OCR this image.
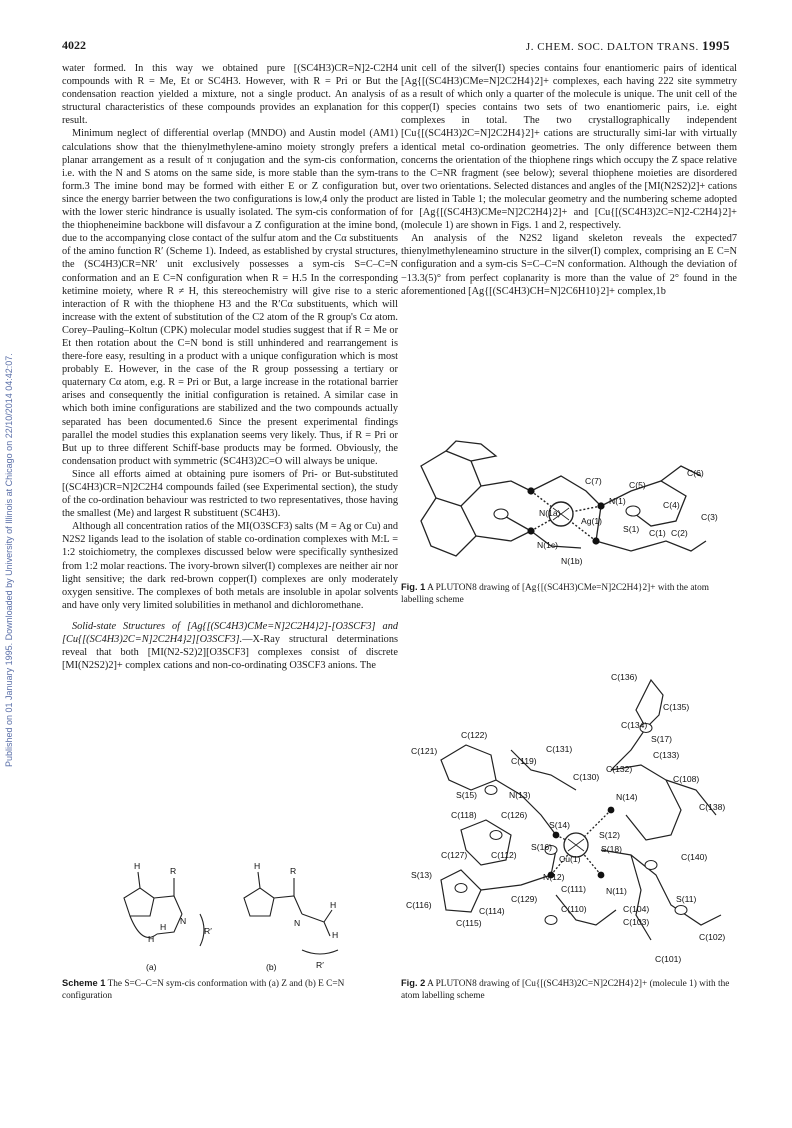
Published on 01 January 1995. Downloaded by University of Illinois at Chicago on 22/10/2014 04:42:07.
4022	J. CHEM. SOC. DALTON TRANS. 1995

water formed. In this way we obtained pure [(SC4H3)CR=N]2-C2H4 compounds with R = Me, Et or SC4H3. However, with R = Pri or But the condensation reaction yielded a mixture, not a single product. An analysis of structural characteristics of these compounds provides an explanation for this result.

Minimum neglect of differential overlap (MNDO) and Austin model (AM1) calculations show that the thienylmethylene-amino moiety strongly prefers a planar arrangement as a result of π conjugation and the sym-cis conformation, i.e. with the N and S atoms on the same side, is more stable than the sym-trans form.3 The imine bond may be formed with either E or Z configuration but, since the energy barrier between the two configurations is low,4 only the product with the lower steric hindrance is usually isolated. The sym-cis conformation of the thiopheneimine backbone will disfavour a Z configuration at the imine bond, due to the accompanying close contact of the sulfur atom and the Cα substituents of the amino function R′ (Scheme 1). Indeed, as established by crystal structures, the (SC4H3)CR=NR′ unit exclusively possesses a sym-cis S=C–C=N conformation and an E C=N configuration when R = H.5 In the corresponding ketimine moiety, where R ≠ H, this stereochemistry will give rise to a steric interaction of R with the thiophene H3 and the R′Cα substituents, which will increase with the extent of substitution of the C2 atom of the R group's Cα atom. Corey–Pauling–Koltun (CPK) molecular model studies suggest that if R = Me or Et then rotation about the C=N bond is still unhindered and rearrangement is there-fore easy, resulting in a product with a unique configuration which is most probably E. However, in the case of the R group possessing a tertiary or quaternary Cα atom, e.g. R = Pri or But, a large increase in the rotational barrier arises and consequently the initial configuration is retained. A similar case in which both imine configurations are stabilized and the two compounds actually separated has been documented.6 Since the present experimental findings parallel the model studies this explanation seems very likely. Thus, if R = Pri or But up to three different Schiff-base products may be formed. Obviously, the condensation product with symmetric (SC4H3)2C=O will always be unique.

Since all efforts aimed at obtaining pure isomers of Pri- or But-substituted [(SC4H3)CR=N]2C2H4 compounds failed (see Experimental section), the study of the co-ordination behaviour was restricted to two representatives, those having the smallest (Me) and largest R substituent (SC4H3).

Although all concentration ratios of the MI(O3SCF3) salts (M = Ag or Cu) and N2S2 ligands lead to the isolation of stable co-ordination complexes with M:L = 1:2 stoichiometry, the complexes discussed below were specifically synthesized from 1:2 molar reactions. The ivory-brown silver(I) complexes are neither air nor light sensitive; the dark red-brown copper(I) complexes are only moderately oxygen sensitive. The complexes of both metals are insoluble in apolar solvents and have only very limited solubilities in methanol and dichloromethane.

Solid-state Structures of [Ag{[(SC4H3)CMe=N]2C2H4}2]-[O3SCF3] and [Cu{[(SC4H3)2C=N]2C2H4}2][O3SCF3].—X-Ray structural determinations reveal that both [MI(N2-S2)2][O3SCF3] complexes consist of discrete [MI(N2S2)2]+ complex cations and non-co-ordinating O3SCF3 anions. The

unit cell of the silver(I) species contains four enantiomeric pairs of identical [Ag{[(SC4H3)CMe=N]2C2H4}2]+ complexes, each having 222 site symmetry as a result of which only a quarter of the molecule is unique. The unit cell of the copper(I) species contains two sets of two enantiomeric pairs, i.e. eight complexes in total. The two crystallographically independent [Cu{[(SC4H3)2C=N]2C2H4}2]+ cations are structurally simi-lar with virtually identical metal co-ordination geometries. The only difference between them concerns the orientation of the thiophene rings which occupy the Z space relative to the C=NR fragment (see below); several thiophene moieties are disordered over two orientations. Selected distances and angles of the [MI(N2S2)2]+ cations are listed in Table 1; the molecular geometry and the numbering scheme adopted for [Ag{[(SC4H3)CMe=N]2C2H4}2]+ and [Cu{[(SC4H3)2C=N]2-C2H4}2]+ (molecule 1) are shown in Figs. 1 and 2, respectively.

An analysis of the N2S2 ligand skeleton reveals the expected7 thienylmethyleneamino structure in the silver(I) complex, comprising an E C=N configuration and a sym-cis S=C–C=N conformation. Although the deviation of −13.3(5)° from perfect coplanarity is more than the value of 2° found in the aforementioned [Ag{[(SC4H3)CH=N]2C6H10}2]+ complex,1b

N(1)
C(5)
C(6)
C(7)
C(4)
C(3)
N(1a)
S(1) C(1) C(2)
Ag(1)
N(1c)
N(1b)
Fig. 1 A PLUTON8 drawing of [Ag{[(SC4H3)CMe=N]2C2H4}2]+ with the atom labelling scheme
C(136)
C(135)
C(122)
C(134)
S(17)
C(121)	C(131)
C(133)
C(119)
C(132)
C(130)	C(108)
S(15)	N(13)	N(14)
C(118)
C(138)
C(126)
S(14)
S(12)
S(16)
Cu(1)
S(18)
C(127)	C(112)	C(140)
N(12)
S(13)
C(111) N(11)
C(129)	S(11)
C(116)
C(114)	C(110)	C(104)
C(115)	C(103)
C(102)
C(101)
Fig. 2 A PLUTON8 drawing of [Cu{[(SC4H3)2C=N]2C2H4}2]+ (molecule 1) with the atom labelling scheme
H	R
N
H
H
R′
(a)
H	R
N
H
H
R′
(b)
Scheme 1 The S=C–C=N sym-cis conformation with (a) Z and (b) E C=N configuration
